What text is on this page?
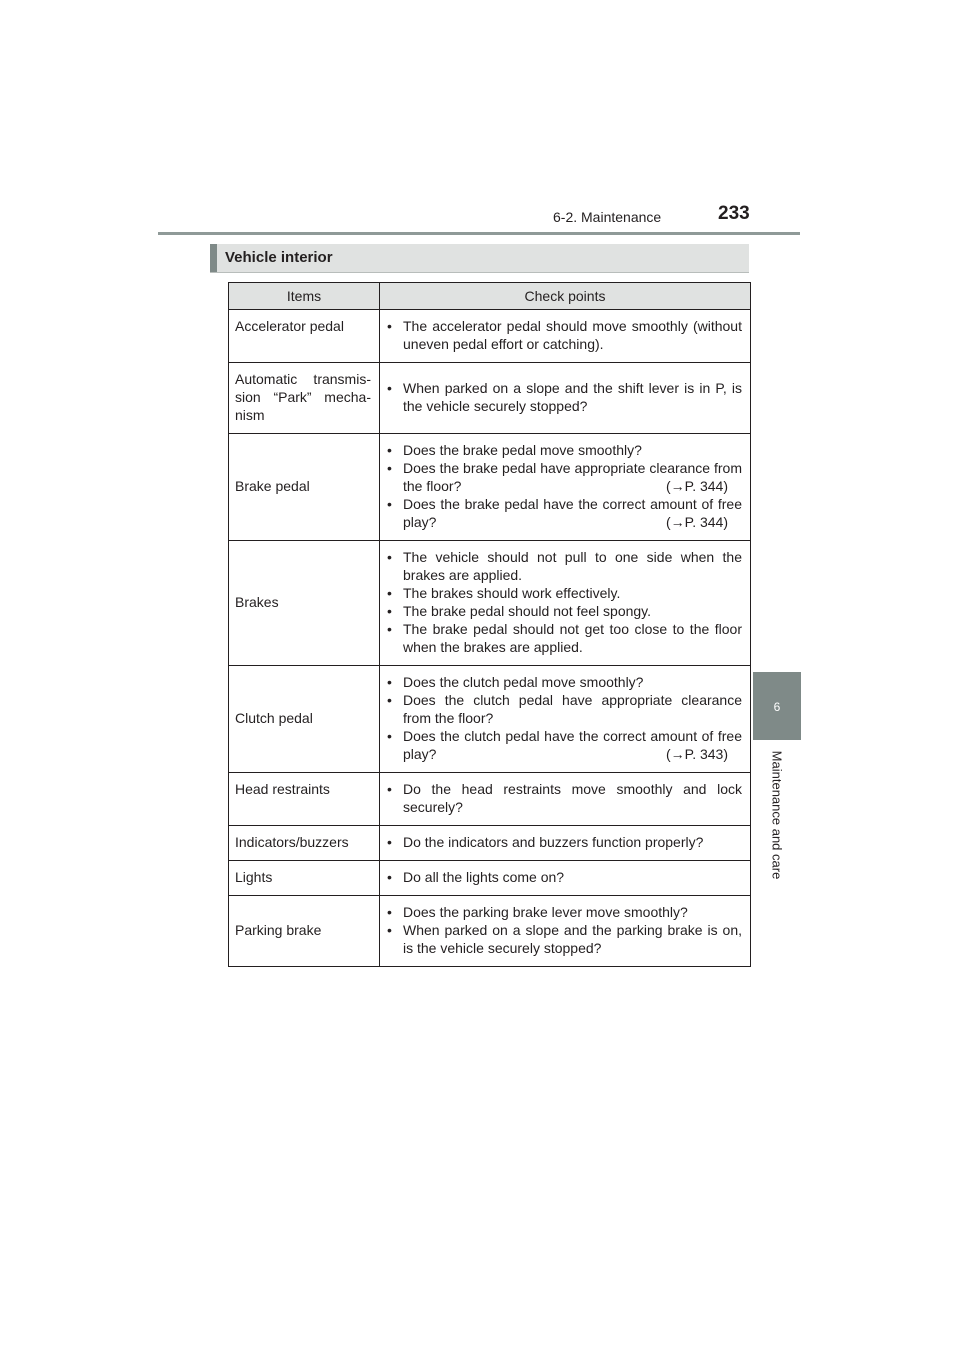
6-2. Maintenance	233
6
Maintenance and care
Vehicle interior
Items	Check points
Accelerator pedal	• The accelerator pedal should move smoothly (without uneven pedal effort or catching).

Automatic transmis-
sion “Park” mecha-
nism	• When parked on a slope and the shift lever is in P, is the vehicle securely stopped?

Brake pedal	• Does the brake pedal move smoothly?
• Does the brake pedal have appropriate clearance from the floor? (→P. 344)
• Does the brake pedal have the correct amount of free play? (→P. 344)

Brakes	• The vehicle should not pull to one side when the brakes are applied.
• The brakes should work effectively.
• The brake pedal should not feel spongy.
• The brake pedal should not get too close to the floor when the brakes are applied.

Clutch pedal	• Does the clutch pedal move smoothly?
• Does the clutch pedal have appropriate clearance from the floor?
• Does the clutch pedal have the correct amount of free play? (→P. 343)

Head restraints	• Do the head restraints move smoothly and lock securely?

Indicators/buzzers	• Do the indicators and buzzers function properly?

Lights	• Do all the lights come on?

Parking brake	• Does the parking brake lever move smoothly?
• When parked on a slope and the parking brake is on, is the vehicle securely stopped?
